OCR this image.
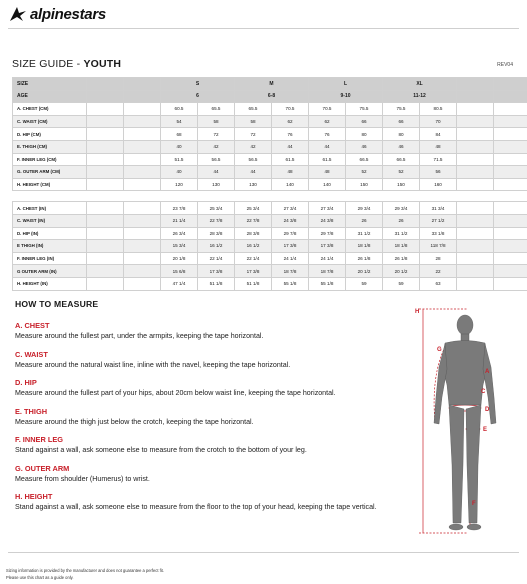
alpinestars
SIZE GUIDE - YOUTH	REV04
SIZE			S		M		L		XL			
AGE			6		6-8		9-10		11-12			
A. CHEST (CM)			60.5	65.5	65.5	70.5	70.5	75.5	75.5	80.5		
C. WAIST (CM)			54	58	58	62	62	66	66	70		
D. HIP (CM)			68	72	72	76	76	80	80	84		
E. THIGH (CM)			40	42	42	44	44	46	46	48		
F. INNER LEG (CM)			51.5	56.5	56.5	61.5	61.5	66.5	66.5	71.5		
G. OUTER ARM (CM)			40	44	44	48	48	52	52	56		
H. HEIGHT (CM)			120	130	130	140	140	150	150	160		

A. CHEST (IN)			23 7/8	25 3/4	25 3/4	27 3/4	27 3/4	29 3/4	29 3/4	31 3/4		
C. WAIST (IN)			21 1/4	22 7/8	22 7/8	24 3/8	24 3/8	26	26	27 1/2		
D. HIP (IN)			26 3/4	28 3/8	28 3/8	29 7/8	29 7/8	31 1/2	31 1/2	33 1/8		
E THIGH (IN)			15 3/4	16 1/2	16 1/2	17 3/8	17 3/8	18 1/8	18 1/8	118 7/8		
F. INNER LEG (IN)			20 1/8	22 1/4	22 1/4	24 1/4	24 1/4	26 1/8	26 1/8	28		
G OUTER ARM (IN)			15 6/8	17 3/8	17 3/8	18 7/8	18 7/8	20 1/2	20 1/2	22		
H. HEIGHT (IN)			47 1/4	51 1/8	51 1/8	55 1/8	55 1/8	59	59	63		
HOW TO MEASURE
A. CHEST
Measure around the fullest part, under the armpits, keeping the tape horizontal.
C. WAIST
Measure around the natural waist line, inline with the navel, keeping the tape horizontal.
D. HIP
Measure around the fullest part of your hips, about 20cm below waist line, keeping the tape horizontal.
E. THIGH
Measure around the thigh just below the crotch, keeping the tape horizontal.
F. INNER LEG
Stand against a wall, ask someone else to measure from the crotch to the bottom of your leg.
G. OUTER ARM
Measure from shoulder (Humerus) to wrist.
H. HEIGHT
Stand against a wall, ask someone else to measure from the floor to the top of your head, keeping the tape vertical.
H
G
A
C
D
E
F
Sizing information is provided by the manufacturer and does not guarantee a perfect fit.
Please use this chart as a guide only.
